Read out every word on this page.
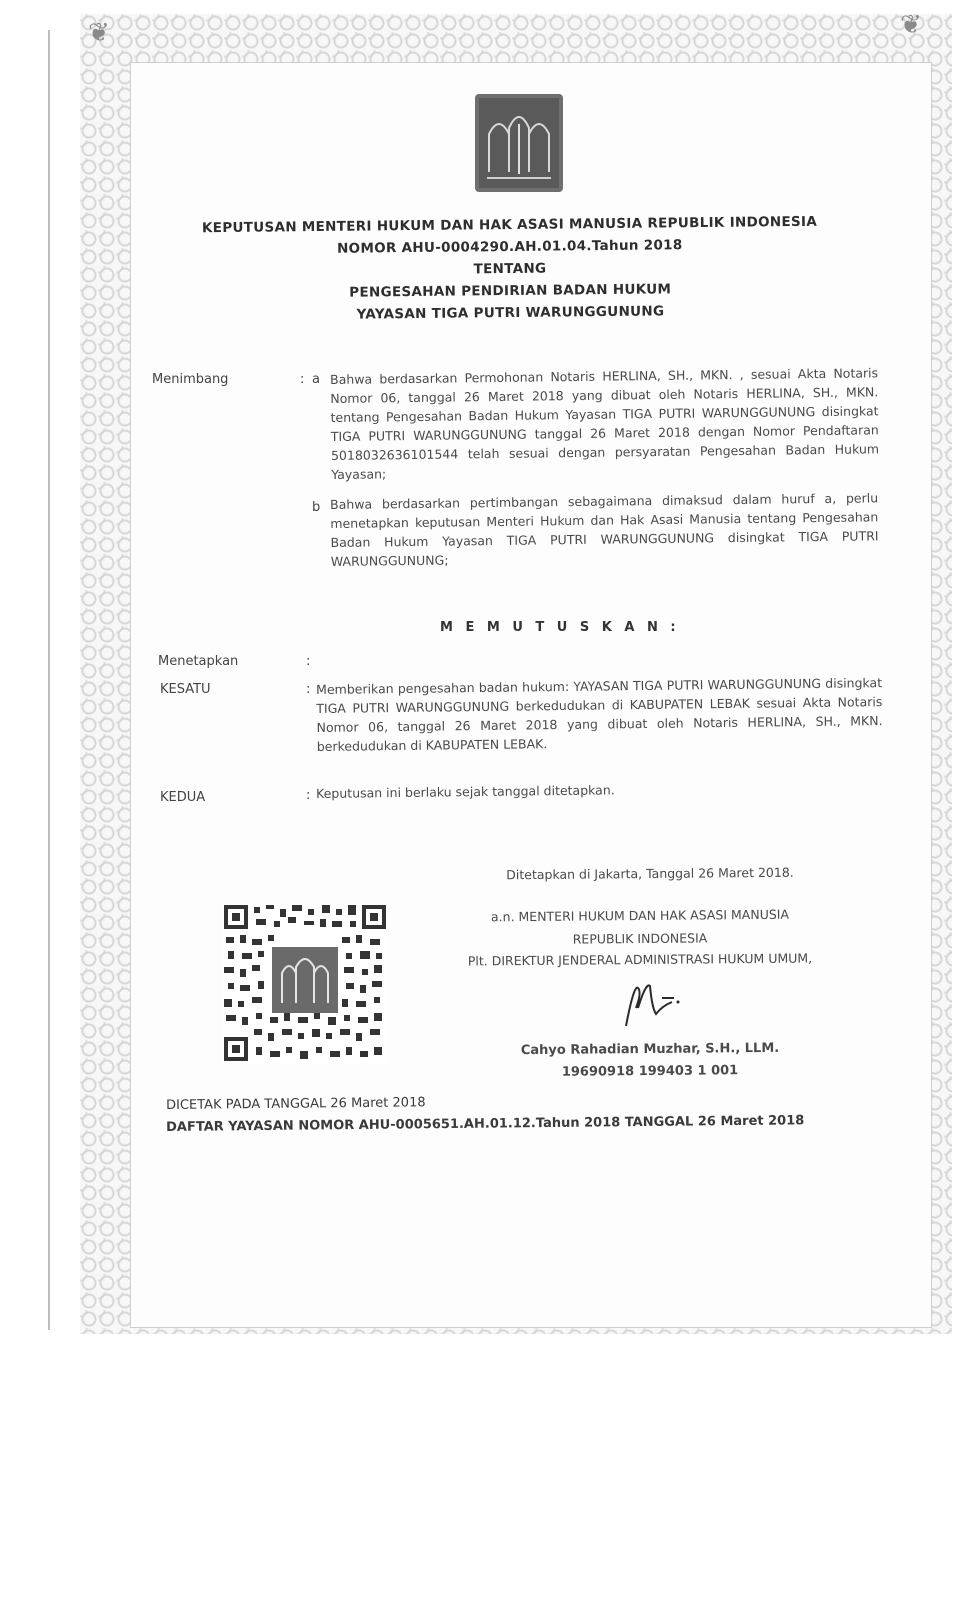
❦	❦
KEPUTUSAN MENTERI HUKUM DAN HAK ASASI MANUSIA REPUBLIK INDONESIA
NOMOR AHU-0004290.AH.01.04.Tahun 2018
TENTANG
PENGESAHAN PENDIRIAN BADAN HUKUM
YAYASAN TIGA PUTRI WARUNGGUNUNG
Menimbang	: a Bahwa berdasarkan Permohonan Notaris HERLINA, SH., MKN. , sesuai Akta Notaris Nomor 06, tanggal 26 Maret 2018 yang dibuat oleh Notaris HERLINA, SH., MKN. tentang Pengesahan Badan Hukum Yayasan TIGA PUTRI WARUNGGUNUNG disingkat TIGA PUTRI WARUNGGUNUNG tanggal 26 Maret 2018 dengan Nomor Pendaftaran 5018032636101544 telah sesuai dengan persyaratan Pengesahan Badan Hukum Yayasan;
b Bahwa berdasarkan pertimbangan sebagaimana dimaksud dalam huruf a, perlu menetapkan keputusan Menteri Hukum dan Hak Asasi Manusia tentang Pengesahan Badan Hukum Yayasan TIGA PUTRI WARUNGGUNUNG disingkat TIGA PUTRI WARUNGGUNUNG;
M E M U T U S K A N :
Menetapkan	:
KESATU	: Memberikan pengesahan badan hukum: YAYASAN TIGA PUTRI WARUNGGUNUNG disingkat TIGA PUTRI WARUNGGUNUNG berkedudukan di KABUPATEN LEBAK sesuai Akta Notaris Nomor 06, tanggal 26 Maret 2018 yang dibuat oleh Notaris HERLINA, SH., MKN. berkedudukan di KABUPATEN LEBAK.
KEDUA	: Keputusan ini berlaku sejak tanggal ditetapkan.
Ditetapkan di Jakarta, Tanggal 26 Maret 2018.
a.n. MENTERI HUKUM DAN HAK ASASI MANUSIA
REPUBLIK INDONESIA
Plt. DIREKTUR JENDERAL ADMINISTRASI HUKUM UMUM,
Cahyo Rahadian Muzhar, S.H., LLM.
19690918 199403 1 001
DICETAK PADA TANGGAL 26 Maret 2018
DAFTAR YAYASAN NOMOR AHU-0005651.AH.01.12.Tahun 2018 TANGGAL 26 Maret 2018
